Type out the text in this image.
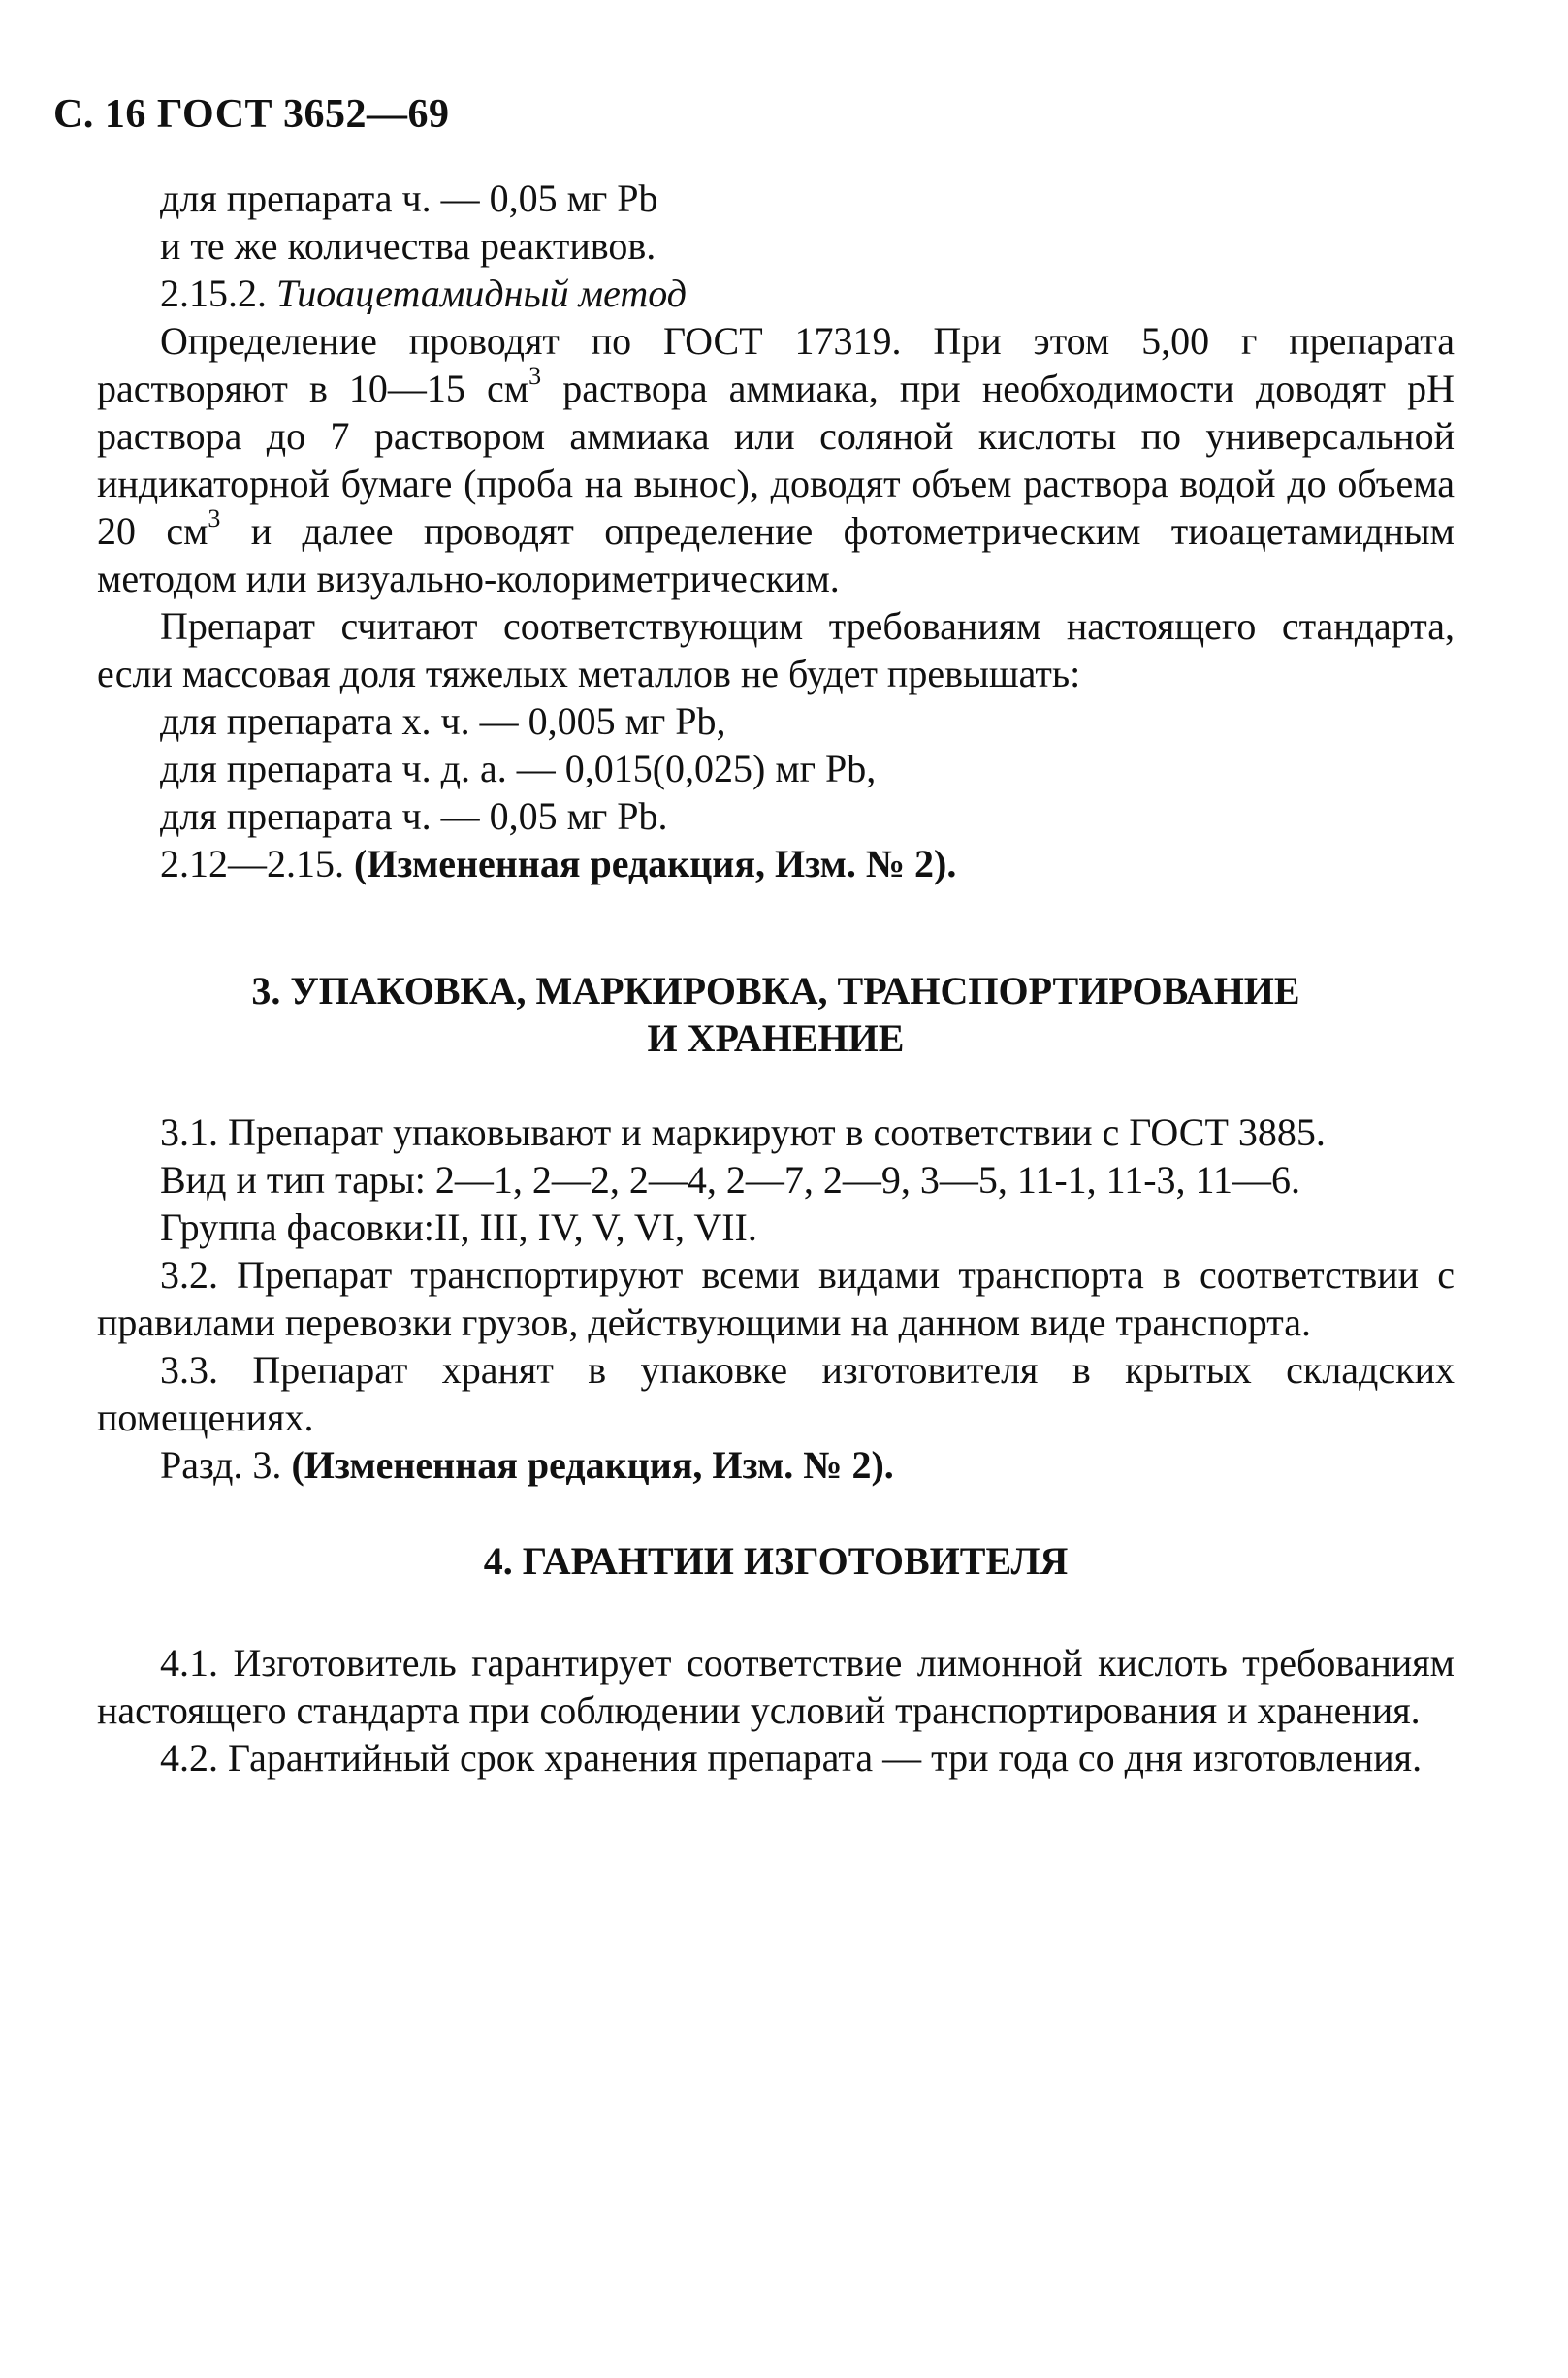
С. 16 ГОСТ 3652—69

для препарата ч. — 0,05 мг Pb

и те же количества реактивов.

2.15.2. Тиоацетамидный метод

Определение проводят по ГОСТ 17319. При этом 5,00 г препарата растворяют в 10—15 $см^3$ раствора аммиака, при необходимости доводят рН раствора до 7 раствором аммиака или соляной кислоты по универсальной индикаторной бумаге (проба на вынос), доводят объем раствора водой до объема 20 $см^3$ и далее проводят определение фотометрическим тиоацетамидным методом или визуально-колориметрическим.

Препарат считают соответствующим требованиям настоящего стандарта, если массовая доля тяжелых металлов не будет превышать:

для препарата х. ч. — 0,005 мг Pb,

для препарата ч. д. а. — 0,015(0,025) мг Pb,

для препарата ч. — 0,05 мг Pb.

2.12—2.15. (Измененная редакция, Изм. № 2).

3. УПАКОВКА, МАРКИРОВКА, ТРАНСПОРТИРОВАНИЕ

И ХРАНЕНИЕ

3.1. Препарат упаковывают и маркируют в соответствии с ГОСТ 3885.

Вид и тип тары: 2—1, 2—2, 2—4, 2—7, 2—9, 3—5, 11-1, 11-3, 11—6.

Группа фасовки:II, III, IV, V, VI, VII.

3.2. Препарат транспортируют всеми видами транспорта в соответствии с правилами перевозки грузов, действующими на данном виде транспорта.

3.3. Препарат хранят в упаковке изготовителя в крытых складских помещениях.

Разд. 3. (Измененная редакция, Изм. № 2).

4. ГАРАНТИИ ИЗГОТОВИТЕЛЯ

4.1. Изготовитель гарантирует соответствие лимонной кислоть требованиям настоящего стандарта при соблюдении условий транспортирования и хранения.

4.2. Гарантийный срок хранения препарата — три года со дня изготовления.
